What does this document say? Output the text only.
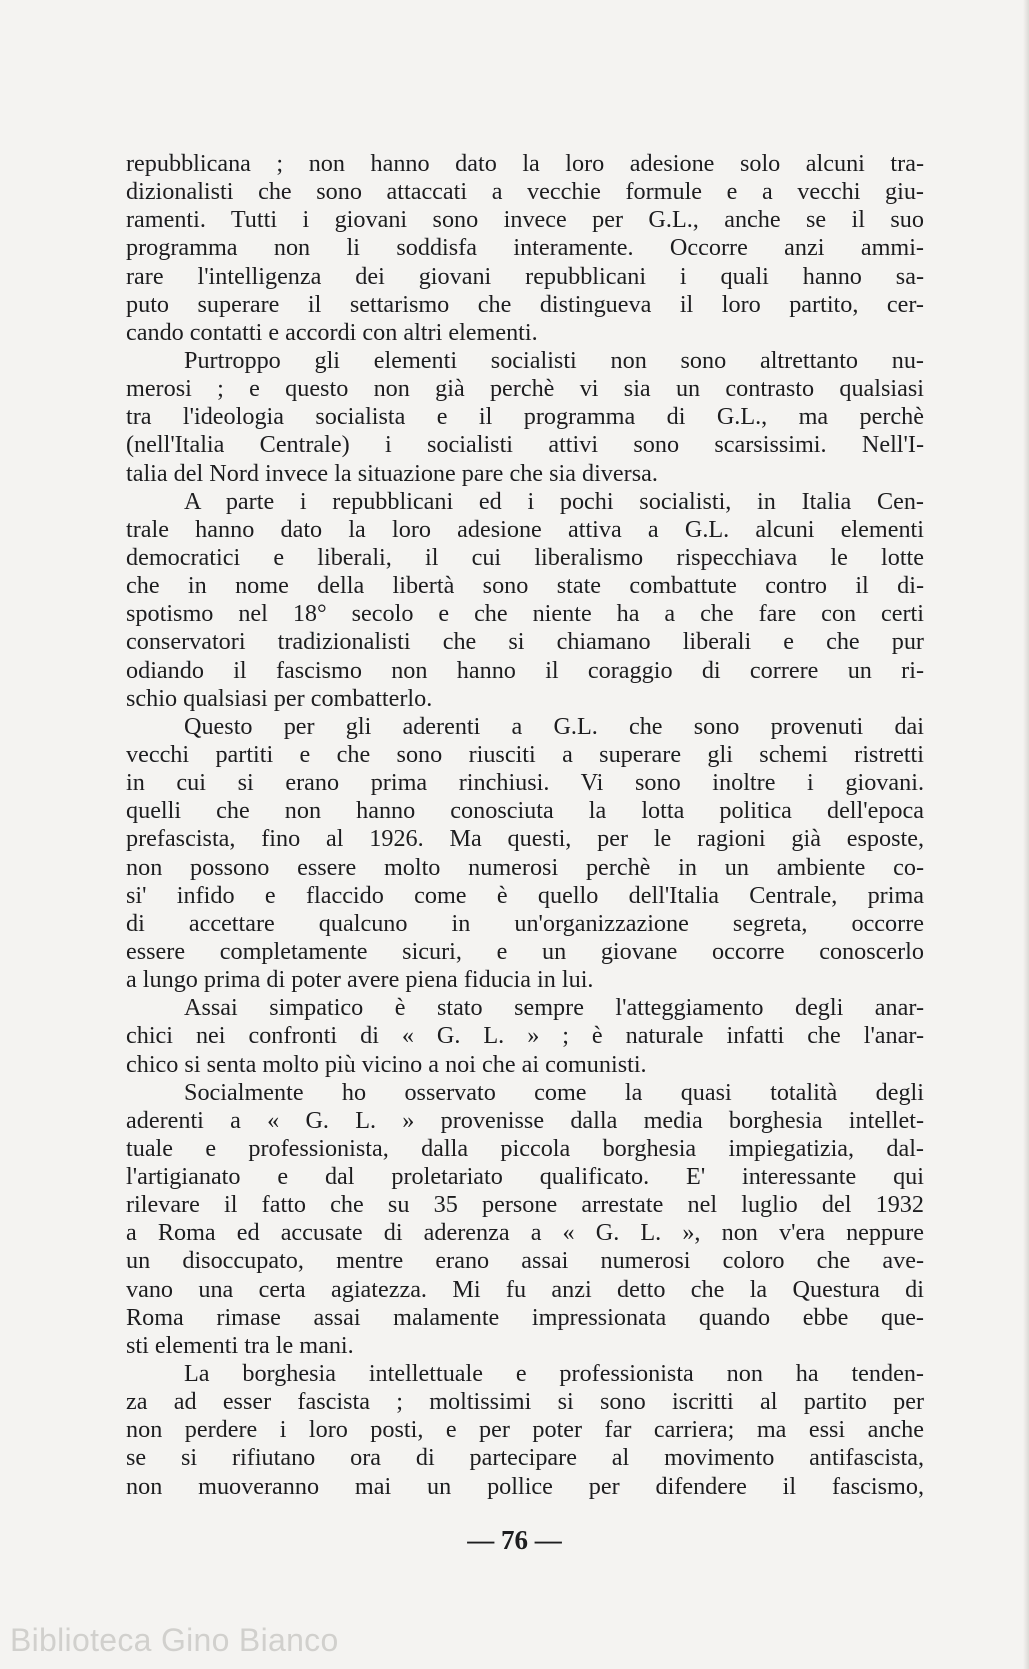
repubblicana ; non hanno dato la loro adesione solo alcuni tra-
dizionalisti che sono attaccati a vecchie formule e a vecchi giu-
ramenti. Tutti i giovani sono invece per G.L., anche se il suo
programma non li soddisfa interamente. Occorre anzi ammi-
rare l'intelligenza dei giovani repubblicani i quali hanno sa-
puto superare il settarismo che distingueva il loro partito, cer-
cando contatti e accordi con altri elementi.
Purtroppo gli elementi socialisti non sono altrettanto nu-
merosi ; e questo non già perchè vi sia un contrasto qualsiasi
tra l'ideologia socialista e il programma di G.L., ma perchè
(nell'Italia Centrale) i socialisti attivi sono scarsissimi. Nell'I-
talia del Nord invece la situazione pare che sia diversa.
A parte i repubblicani ed i pochi socialisti, in Italia Cen-
trale hanno dato la loro adesione attiva a G.L. alcuni elementi
democratici e liberali, il cui liberalismo rispecchiava le lotte
che in nome della libertà sono state combattute contro il di-
spotismo nel 18° secolo e che niente ha a che fare con certi
conservatori tradizionalisti che si chiamano liberali e che pur
odiando il fascismo non hanno il coraggio di correre un ri-
schio qualsiasi per combatterlo.
Questo per gli aderenti a G.L. che sono provenuti dai
vecchi partiti e che sono riusciti a superare gli schemi ristretti
in cui si erano prima rinchiusi. Vi sono inoltre i giovani.
quelli che non hanno conosciuta la lotta politica dell'epoca
prefascista, fino al 1926. Ma questi, per le ragioni già esposte,
non possono essere molto numerosi perchè in un ambiente co-
si' infido e flaccido come è quello dell'Italia Centrale, prima
di accettare qualcuno in un'organizzazione segreta, occorre
essere completamente sicuri, e un giovane occorre conoscerlo
a lungo prima di poter avere piena fiducia in lui.
Assai simpatico è stato sempre l'atteggiamento degli anar-
chici nei confronti di « G. L. » ; è naturale infatti che l'anar-
chico si senta molto più vicino a noi che ai comunisti.
Socialmente ho osservato come la quasi totalità degli
aderenti a « G. L. » provenisse dalla media borghesia intellet-
tuale e professionista, dalla piccola borghesia impiegatizia, dal-
l'artigianato e dal proletariato qualificato. E' interessante qui
rilevare il fatto che su 35 persone arrestate nel luglio del 1932
a Roma ed accusate di aderenza a « G. L. », non v'era neppure
un disoccupato, mentre erano assai numerosi coloro che ave-
vano una certa agiatezza. Mi fu anzi detto che la Questura di
Roma rimase assai malamente impressionata quando ebbe que-
sti elementi tra le mani.
La borghesia intellettuale e professionista non ha tenden-
za ad esser fascista ; moltissimi si sono iscritti al partito per
non perdere i loro posti, e per poter far carriera; ma essi anche
se si rifiutano ora di partecipare al movimento antifascista,
non muoveranno mai un pollice per difendere il fascismo,
— 76 —
Biblioteca Gino Bianco
